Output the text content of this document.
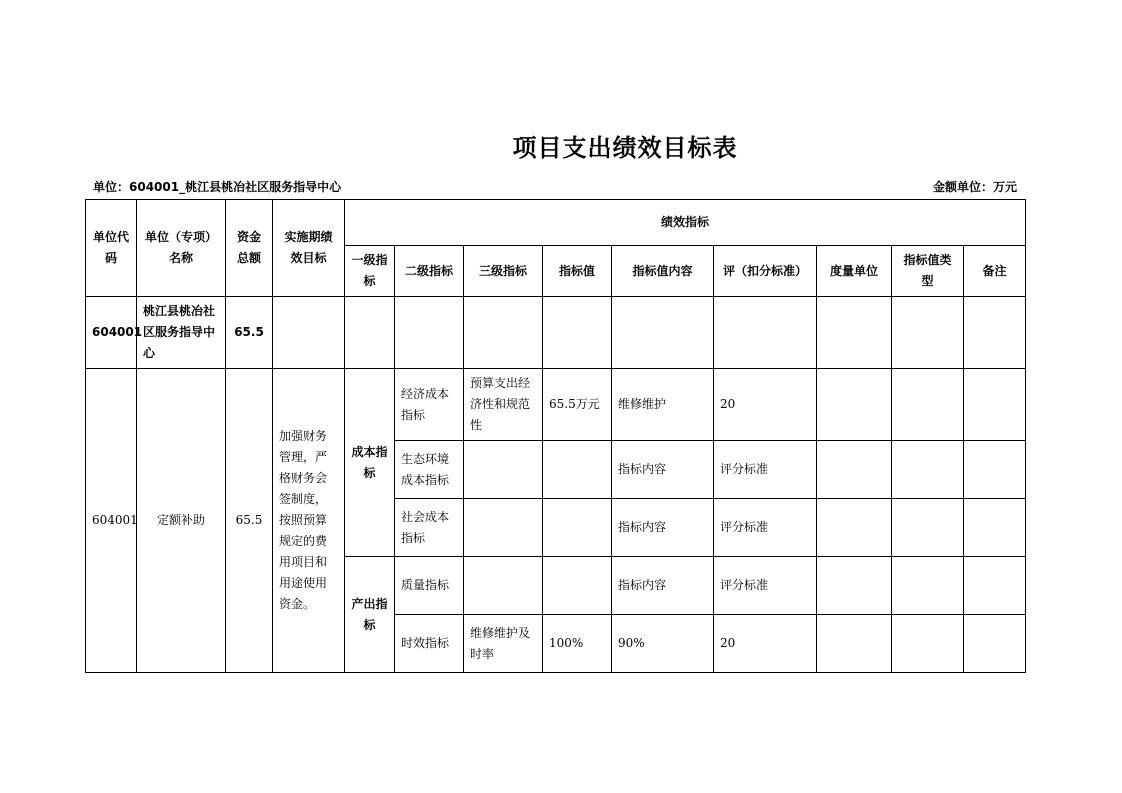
项目支出绩效目标表
单位：604001_桃江县桃冶社区服务指导中心	金额单位：万元
单位代码	单位（专项）名称	资金总额	实施期绩效目标	绩效指标								
				一级指标	二级指标	三级指标	指标值	指标值内容	评（扣分标准）	度量单位	指标值类型	备注
604001	桃江县桃冶社区服务指导中心	65.5										
604001	定额补助	65.5	加强财务管理，严格财务会签制度，按照预算规定的费用项目和用途使用资金。	成本指标	经济成本指标	预算支出经济性和规范性	65.5万元	维修维护	20			
					生态环境成本指标			指标内容	评分标准			
					社会成本指标			指标内容	评分标准			
				产出指标	质量指标			指标内容	评分标准			
					时效指标	维修维护及时率	100%	90%	20			
